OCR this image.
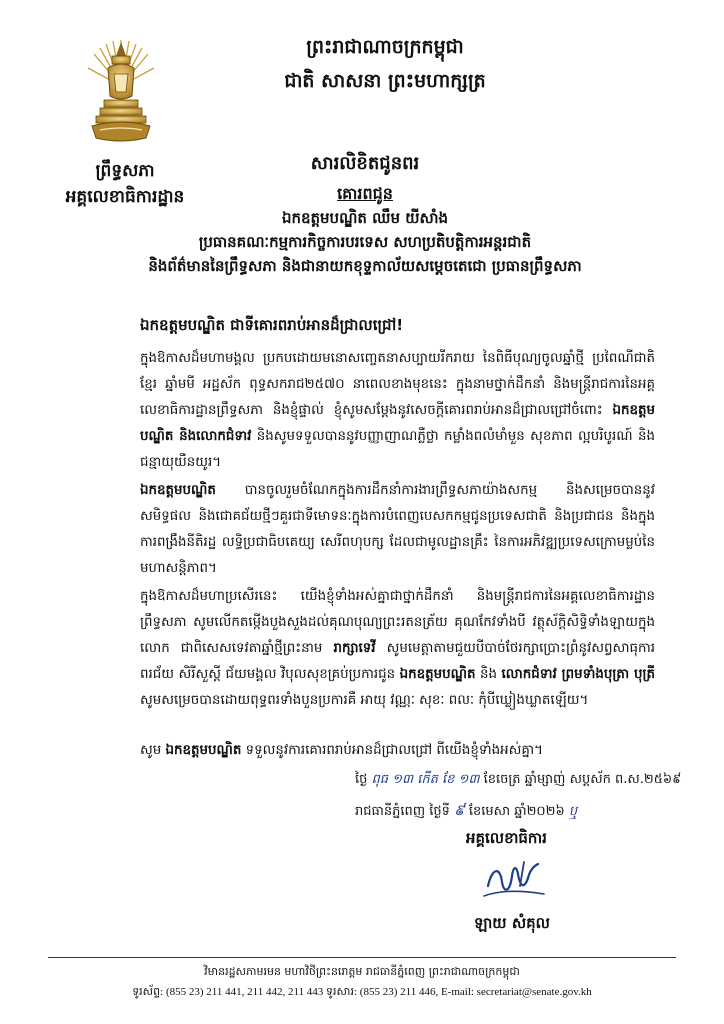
ព្រះរាជាណាចក្រកម្ពុជា
ជាតិ សាសនា ព្រះមហាក្សត្រ
ព្រឹទ្ធសភា
អគ្គលេខាធិការដ្ឋាន
សារលិខិតជូនពរ
គោរពជូន
ឯកឧត្ដមបណ្ឌិត ឈឹម យីសាំង
ប្រធានគណៈកម្មការកិច្ចការបរទេស សហប្រតិបត្តិការអន្តរជាតិ
និងព័ត៌មាននៃព្រឹទ្ធសភា និងជានាយកខុទ្ទកាល័យសម្តេចតេជោ ប្រធានព្រឹទ្ធសភា
ឯកឧត្តមបណ្ឌិត ជាទីគោរពរាប់អានដ៏ជ្រាលជ្រៅ!
ក្នុងឱកាសដ៏មហាមង្គល ប្រកបដោយមនោសញ្ចេតនាសប្បាយរីករាយ នៃពិធីបុណ្យចូលឆ្នាំថ្មី ប្រពៃណីជាតិខ្មែរ ឆ្នាំមមី អដ្ឋស័ក ពុទ្ធសករាជ២៥៧០ នាពេលខាងមុខនេះ ក្នុងនាមថ្នាក់ដឹកនាំ និងមន្ត្រីរាជការនៃអគ្គលេខាធិការដ្ឋានព្រឹទ្ធសភា និងខ្ញុំផ្ទាល់ ខ្ញុំសូមសម្តែងនូវសេចក្តីគោរពរាប់អានដ៏ជ្រាលជ្រៅចំពោះ ឯកឧត្តមបណ្ឌិត និងលោកជំទាវ និងសូមទទួលបាននូវបញ្ញាញាណភ្លឺថ្លា កម្លាំងពលំមាំមួន សុខភាព ល្អបរិបូរណ៍ និងជន្មាយុយឺនយូរ។
ឯកឧត្តមបណ្ឌិត បានចូលរួមចំណែកក្នុងការដឹកនាំការងារព្រឹទ្ធសភាយ៉ាងសកម្ម និងសម្រេចបាននូវសមិទ្ធផល និងជោគជ័យថ្មីៗគួរជាទីមោទនៈក្នុងការបំពេញបេសកកម្មជូនប្រទេសជាតិ និងប្រជាជន និងក្នុងការពង្រឹងនីតិរដ្ឋ លទ្ធិប្រជាធិបតេយ្យ សេរីពហុបក្ស ដែលជាមូលដ្ឋានគ្រឹះ នៃការអភិវឌ្ឍប្រទេសក្រោមម្លប់នៃមហាសន្តិភាព។
ក្នុងឱកាសដ៏មហាប្រសើរនេះ យើងខ្ញុំទាំងអស់គ្នាជាថ្នាក់ដឹកនាំ និងមន្ត្រីរាជការនៃអគ្គលេខាធិការដ្ឋានព្រឹទ្ធសភា សូមលើកតម្កើងបួងសួងដល់គុណបុណ្យព្រះរតនត្រ័យ គុណកែវទាំងបី វត្ថុស័ក្តិសិទ្ធិទាំងឡាយក្នុងលោក ជាពិសេសទេវតាឆ្នាំថ្មីព្រះនាម រាក្សាទេវី សូមមេត្តាតាមជួយបីបាច់ថែរក្សាប្រោះព្រំនូវសព្វសាធុការពរជ័យ សិរីសួស្តី ជ័យមង្គល វិបុលសុខគ្រប់ប្រការជូន ឯកឧត្តមបណ្ឌិត និង លោកជំទាវ ព្រមទាំងបុត្រា បុត្រី សូមសម្រេចបានដោយពុទ្ធពរទាំងបួនប្រការគឺ អាយុ វណ្ណៈ សុខៈ ពលៈ កុំបីឃ្លៀងឃ្លាតឡើយ។
សូម ឯកឧត្តមបណ្ឌិត ទទួលនូវការគោរពរាប់អានដ៏ជ្រាលជ្រៅ ពីយើងខ្ញុំទាំងអស់គ្នា។
ថ្ងៃ ពុធ ១៣ កើត ខែ ១៣ ខែចេត្រ ឆ្នាំម្សាញ់ សប្តស័ក ព.ស.២៥៦៩
រាជធានីភ្នំពេញ ថ្ងៃទី ៩ ខែមេសា ឆ្នាំ២០២៦ ឬ
អគ្គលេខាធិការ
ឡាយ សំគុល
វិមានរដ្ឋសភាមរមន មហាវិថីព្រះនរោត្តម រាជធានីភ្នំពេញ ព្រះរាជាណាចក្រកម្ពុជា
ទូរស័ព្ទ: (855 23) 211 441, 211 442, 211 443 ទូរសារ: (855 23) 211 446, E-mail: secretariat@senate.gov.kh
